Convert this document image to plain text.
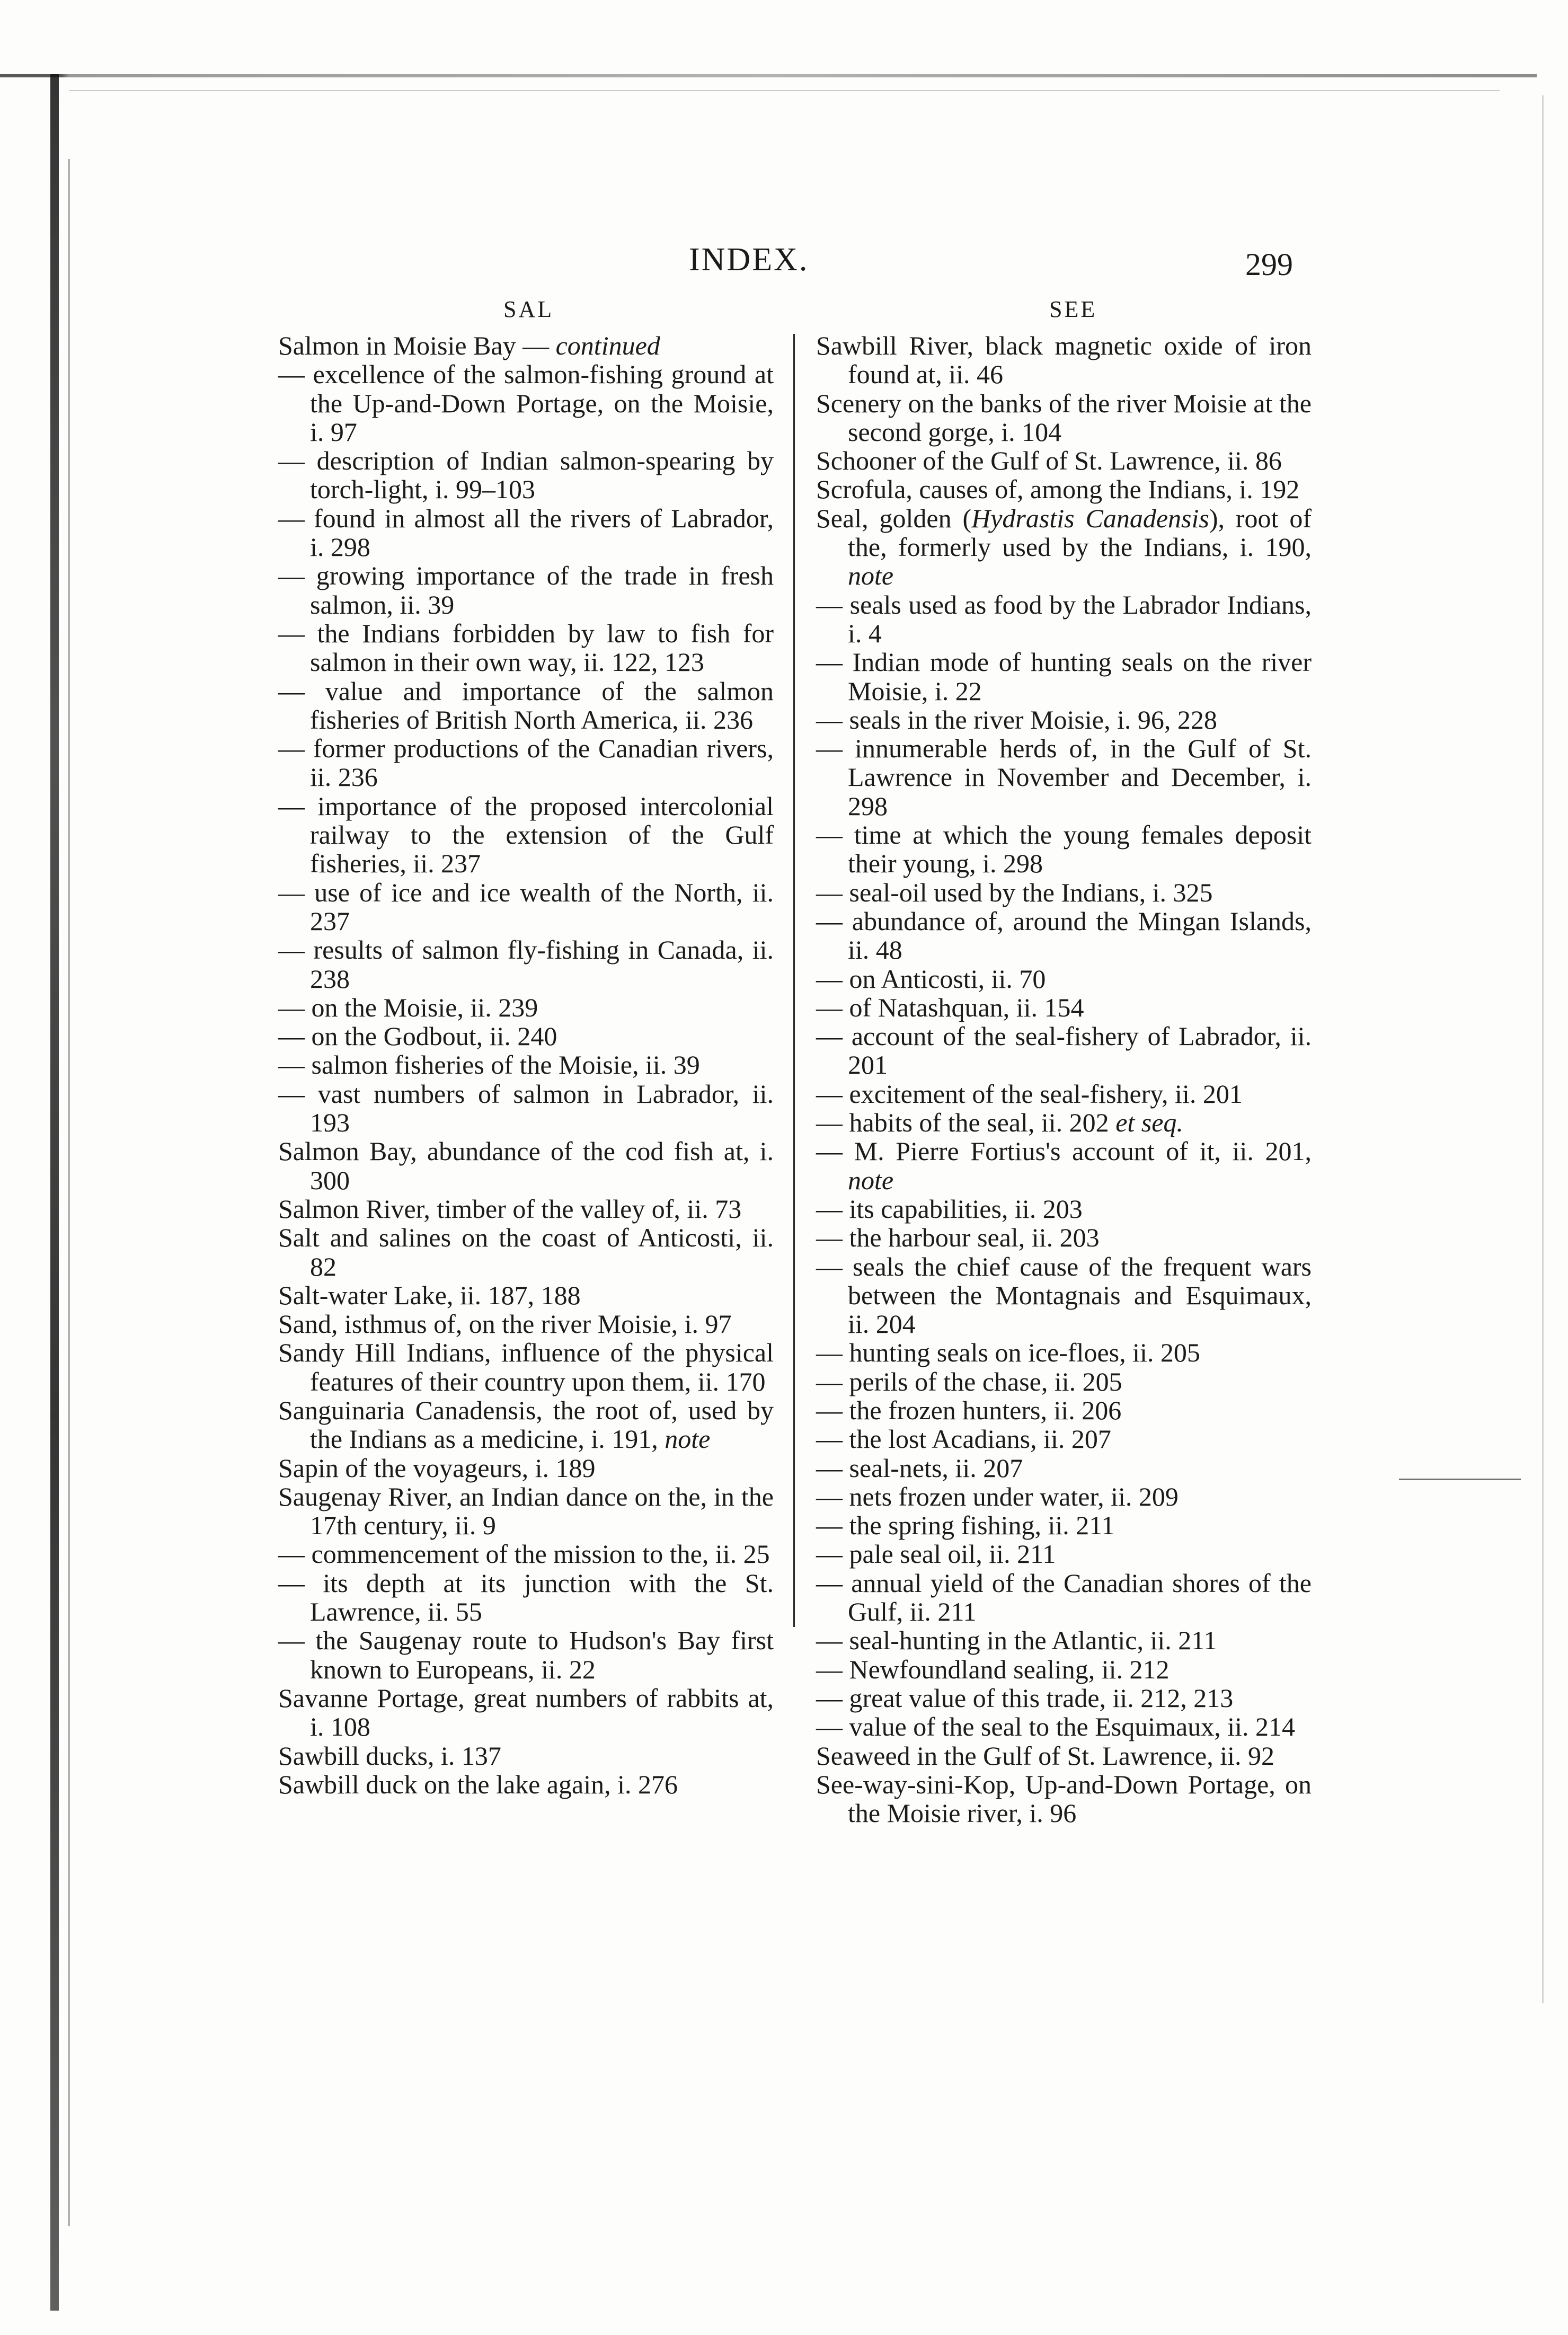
INDEX.	299
SAL	SEE
Salmon in Moisie Bay — continued
— excellence of the salmon-fishing ground at the Up-and-Down Portage, on the Moisie, i. 97
— description of Indian salmon-spearing by torch-light, i. 99–103
— found in almost all the rivers of Labrador, i. 298
— growing importance of the trade in fresh salmon, ii. 39
— the Indians forbidden by law to fish for salmon in their own way, ii. 122, 123
— value and importance of the salmon fisheries of British North America, ii. 236
— former productions of the Canadian rivers, ii. 236
— importance of the proposed intercolonial railway to the extension of the Gulf fisheries, ii. 237
— use of ice and ice wealth of the North, ii. 237
— results of salmon fly-fishing in Canada, ii. 238
— on the Moisie, ii. 239
— on the Godbout, ii. 240
— salmon fisheries of the Moisie, ii. 39
— vast numbers of salmon in Labrador, ii. 193
Salmon Bay, abundance of the cod fish at, i. 300
Salmon River, timber of the valley of, ii. 73
Salt and salines on the coast of Anticosti, ii. 82
Salt-water Lake, ii. 187, 188
Sand, isthmus of, on the river Moisie, i. 97
Sandy Hill Indians, influence of the physical features of their country upon them, ii. 170
Sanguinaria Canadensis, the root of, used by the Indians as a medicine, i. 191, note
Sapin of the voyageurs, i. 189
Saugenay River, an Indian dance on the, in the 17th century, ii. 9
— commencement of the mission to the, ii. 25
— its depth at its junction with the St. Lawrence, ii. 55
— the Saugenay route to Hudson's Bay first known to Europeans, ii. 22
Savanne Portage, great numbers of rabbits at, i. 108
Sawbill ducks, i. 137
Sawbill duck on the lake again, i. 276
Sawbill River, black magnetic oxide of iron found at, ii. 46
Scenery on the banks of the river Moisie at the second gorge, i. 104
Schooner of the Gulf of St. Lawrence, ii. 86
Scrofula, causes of, among the Indians, i. 192
Seal, golden (Hydrastis Canadensis), root of the, formerly used by the Indians, i. 190, note
— seals used as food by the Labrador Indians, i. 4
— Indian mode of hunting seals on the river Moisie, i. 22
— seals in the river Moisie, i. 96, 228
— innumerable herds of, in the Gulf of St. Lawrence in November and December, i. 298
— time at which the young females deposit their young, i. 298
— seal-oil used by the Indians, i. 325
— abundance of, around the Mingan Islands, ii. 48
— on Anticosti, ii. 70
— of Natashquan, ii. 154
— account of the seal-fishery of Labrador, ii. 201
— excitement of the seal-fishery, ii. 201
— habits of the seal, ii. 202 et seq.
— M. Pierre Fortius's account of it, ii. 201, note
— its capabilities, ii. 203
— the harbour seal, ii. 203
— seals the chief cause of the frequent wars between the Montagnais and Esquimaux, ii. 204
— hunting seals on ice-floes, ii. 205
— perils of the chase, ii. 205
— the frozen hunters, ii. 206
— the lost Acadians, ii. 207
— seal-nets, ii. 207
— nets frozen under water, ii. 209
— the spring fishing, ii. 211
— pale seal oil, ii. 211
— annual yield of the Canadian shores of the Gulf, ii. 211
— seal-hunting in the Atlantic, ii. 211
— Newfoundland sealing, ii. 212
— great value of this trade, ii. 212, 213
— value of the seal to the Esquimaux, ii. 214
Seaweed in the Gulf of St. Lawrence, ii. 92
See-way-sini-Kop, Up-and-Down Portage, on the Moisie river, i. 96
